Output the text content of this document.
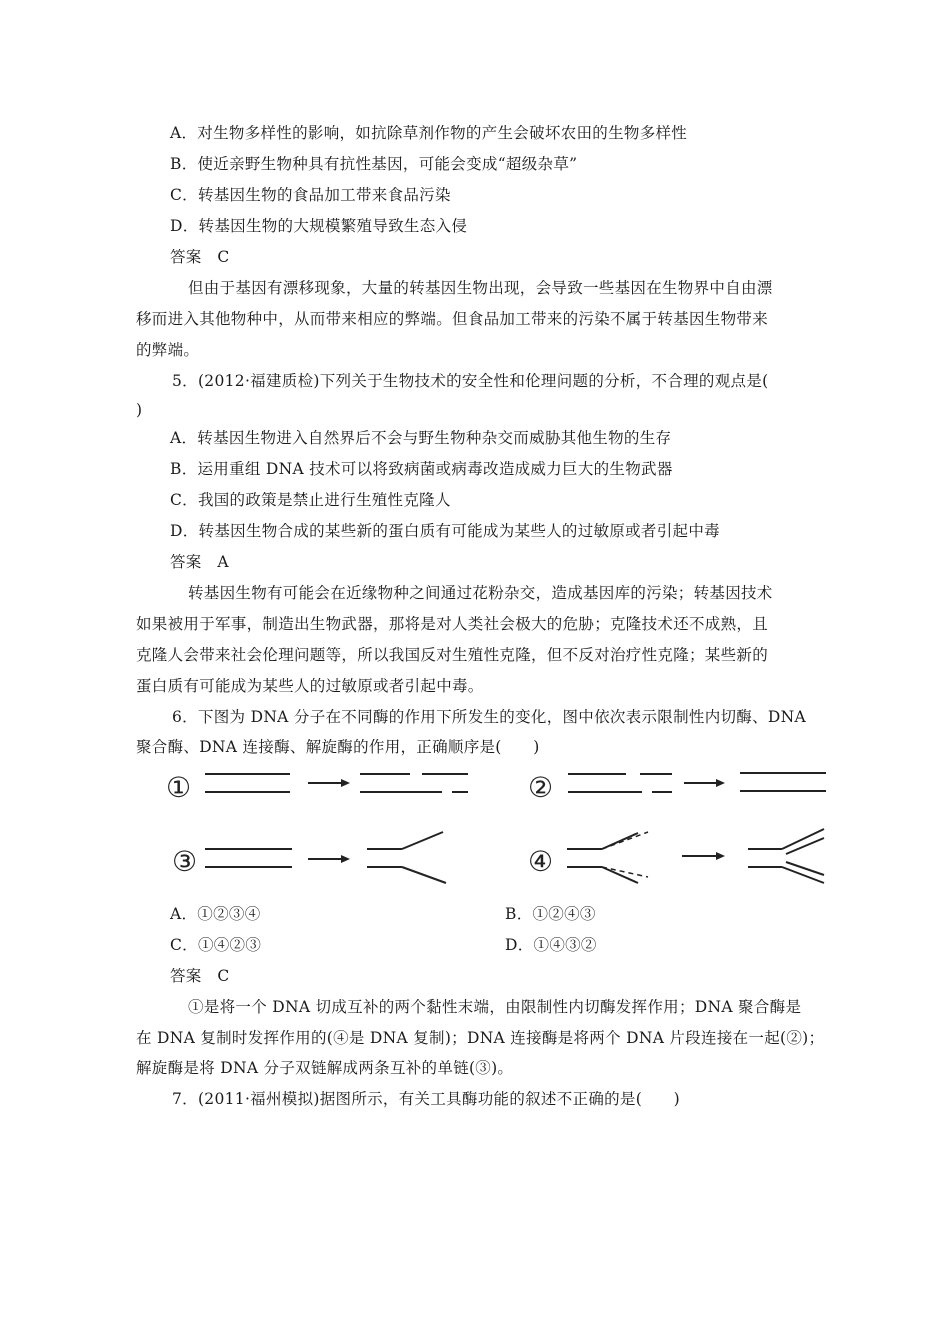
A．对生物多样性的影响，如抗除草剂作物的产生会破坏农田的生物多样性
B．使近亲野生物种具有抗性基因，可能会变成“超级杂草”
C．转基因生物的食品加工带来食品污染
D．转基因生物的大规模繁殖导致生态入侵
答案　C
但由于基因有漂移现象，大量的转基因生物出现，会导致一些基因在生物界中自由漂
移而进入其他物种中，从而带来相应的弊端。但食品加工带来的污染不属于转基因生物带来
的弊端。
5．(2012·福建质检)下列关于生物技术的安全性和伦理问题的分析，不合理的观点是(
)
A．转基因生物进入自然界后不会与野生物种杂交而威胁其他生物的生存
B．运用重组 DNA 技术可以将致病菌或病毒改造成威力巨大的生物武器
C．我国的政策是禁止进行生殖性克隆人
D．转基因生物合成的某些新的蛋白质有可能成为某些人的过敏原或者引起中毒
答案　A
转基因生物有可能会在近缘物种之间通过花粉杂交，造成基因库的污染；转基因技术
如果被用于军事，制造出生物武器，那将是对人类社会极大的危胁；克隆技术还不成熟，且
克隆人会带来社会伦理问题等，所以我国反对生殖性克隆，但不反对治疗性克隆；某些新的
蛋白质有可能成为某些人的过敏原或者引起中毒。
6．下图为 DNA 分子在不同酶的作用下所发生的变化，图中依次表示限制性内切酶、DNA
聚合酶、DNA 连接酶、解旋酶的作用，正确顺序是(　　)
①	②
③	④
A．①②③④	B．①②④③
C．①④②③	D．①④③②
答案　C
①是将一个 DNA 切成互补的两个黏性末端，由限制性内切酶发挥作用；DNA 聚合酶是
在 DNA 复制时发挥作用的(④是 DNA 复制)；DNA 连接酶是将两个 DNA 片段连接在一起(②)；
解旋酶是将 DNA 分子双链解成两条互补的单链(③)。
7．(2011·福州模拟)据图所示，有关工具酶功能的叙述不正确的是(　　)
